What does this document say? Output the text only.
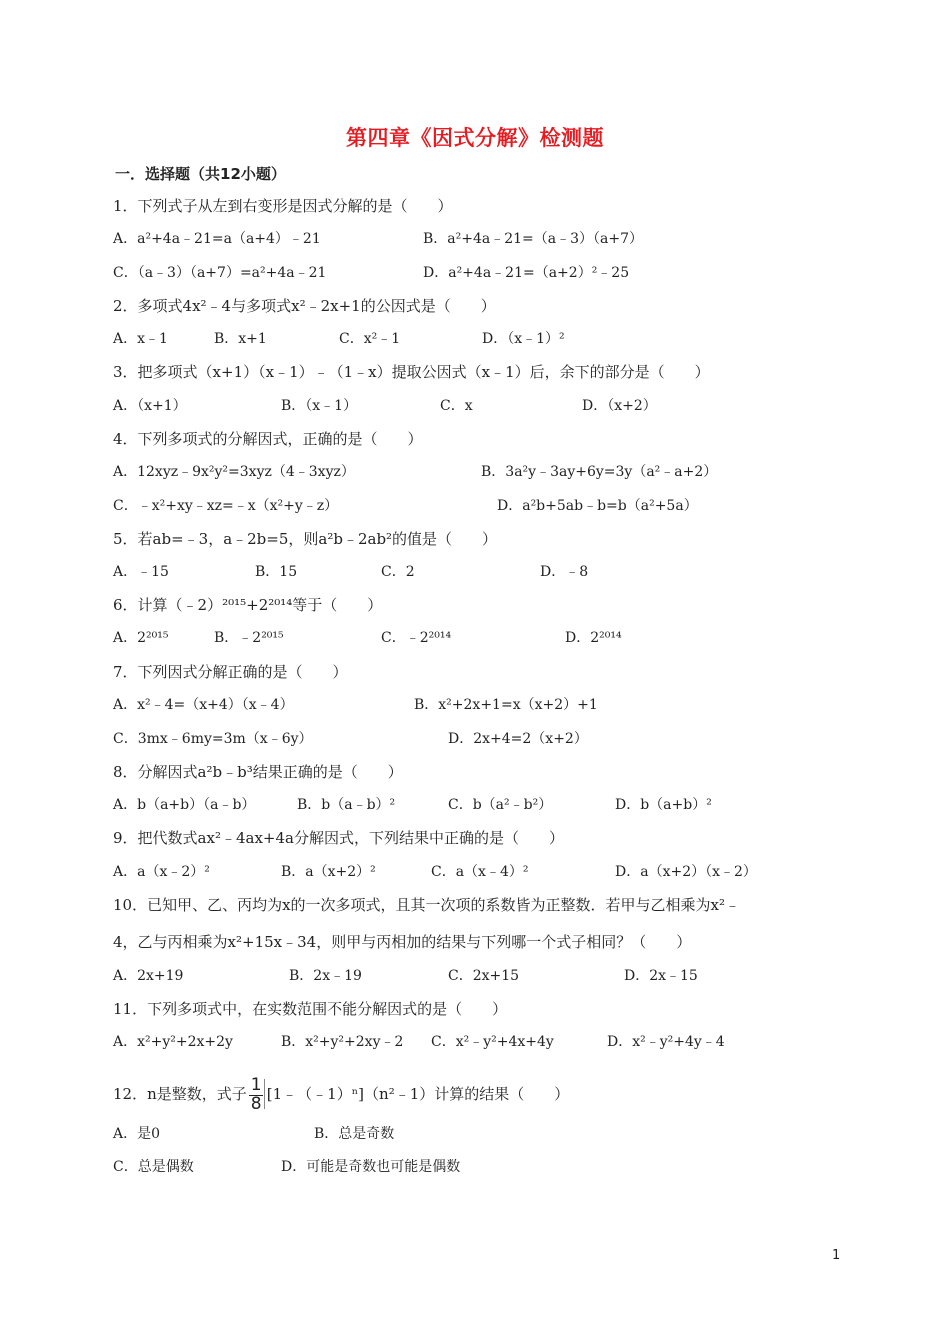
第四章《因式分解》检测题
一．选择题（共12小题）
1．下列式子从左到右变形是因式分解的是（　　）
A．a²+4a﹣21=a（a+4）﹣21	B．a²+4a﹣21=（a﹣3）（a+7）
C．（a﹣3）（a+7）=a²+4a﹣21	D．a²+4a﹣21=（a+2）²﹣25
2．多项式4x²﹣4与多项式x²﹣2x+1的公因式是（　　）
A．x﹣1	B．x+1	C．x²﹣1	D．（x﹣1）²
3．把多项式（x+1）（x﹣1）﹣（1﹣x）提取公因式（x﹣1）后，余下的部分是（　　）
A．（x+1）	B．（x﹣1）	C．x	D．（x+2）
4．下列多项式的分解因式，正确的是（　　）
A．12xyz﹣9x²y²=3xyz（4﹣3xyz）	B．3a²y﹣3ay+6y=3y（a²﹣a+2）
C．﹣x²+xy﹣xz=﹣x（x²+y﹣z）	D．a²b+5ab﹣b=b（a²+5a）
5．若ab=﹣3，a﹣2b=5，则a²b﹣2ab²的值是（　　）
A．﹣15	B．15	C．2	D．﹣8
6．计算（﹣2）²⁰¹⁵+2²⁰¹⁴等于（　　）
A．2²⁰¹⁵	B．﹣2²⁰¹⁵	C．﹣2²⁰¹⁴	D．2²⁰¹⁴
7．下列因式分解正确的是（　　）
A．x²﹣4=（x+4）（x﹣4）	B．x²+2x+1=x（x+2）+1
C．3mx﹣6my=3m（x﹣6y）	D．2x+4=2（x+2）
8．分解因式a²b﹣b³结果正确的是（　　）
A．b（a+b）（a﹣b）	B．b（a﹣b）²	C．b（a²﹣b²）	D．b（a+b）²
9．把代数式ax²﹣4ax+4a分解因式，下列结果中正确的是（　　）
A．a（x﹣2）²	B．a（x+2）²	C．a（x﹣4）²	D．a（x+2）（x﹣2）
10．已知甲、乙、丙均为x的一次多项式，且其一次项的系数皆为正整数．若甲与乙相乘为x²﹣
4，乙与丙相乘为x²+15x﹣34，则甲与丙相加的结果与下列哪一个式子相同？（　　）
A．2x+19	B．2x﹣19	C．2x+15	D．2x﹣15
11．下列多项式中，在实数范围不能分解因式的是（　　）
A．x²+y²+2x+2y	B．x²+y²+2xy﹣2 C．x²﹣y²+4x+4y	D．x²﹣y²+4y﹣4
12．n是整数，式子 $\frac{1}{8}$ [1﹣（﹣1）ⁿ]（n²﹣1）计算的结果（　　）
A．是0	B．总是奇数
C．总是偶数	D．可能是奇数也可能是偶数
1
